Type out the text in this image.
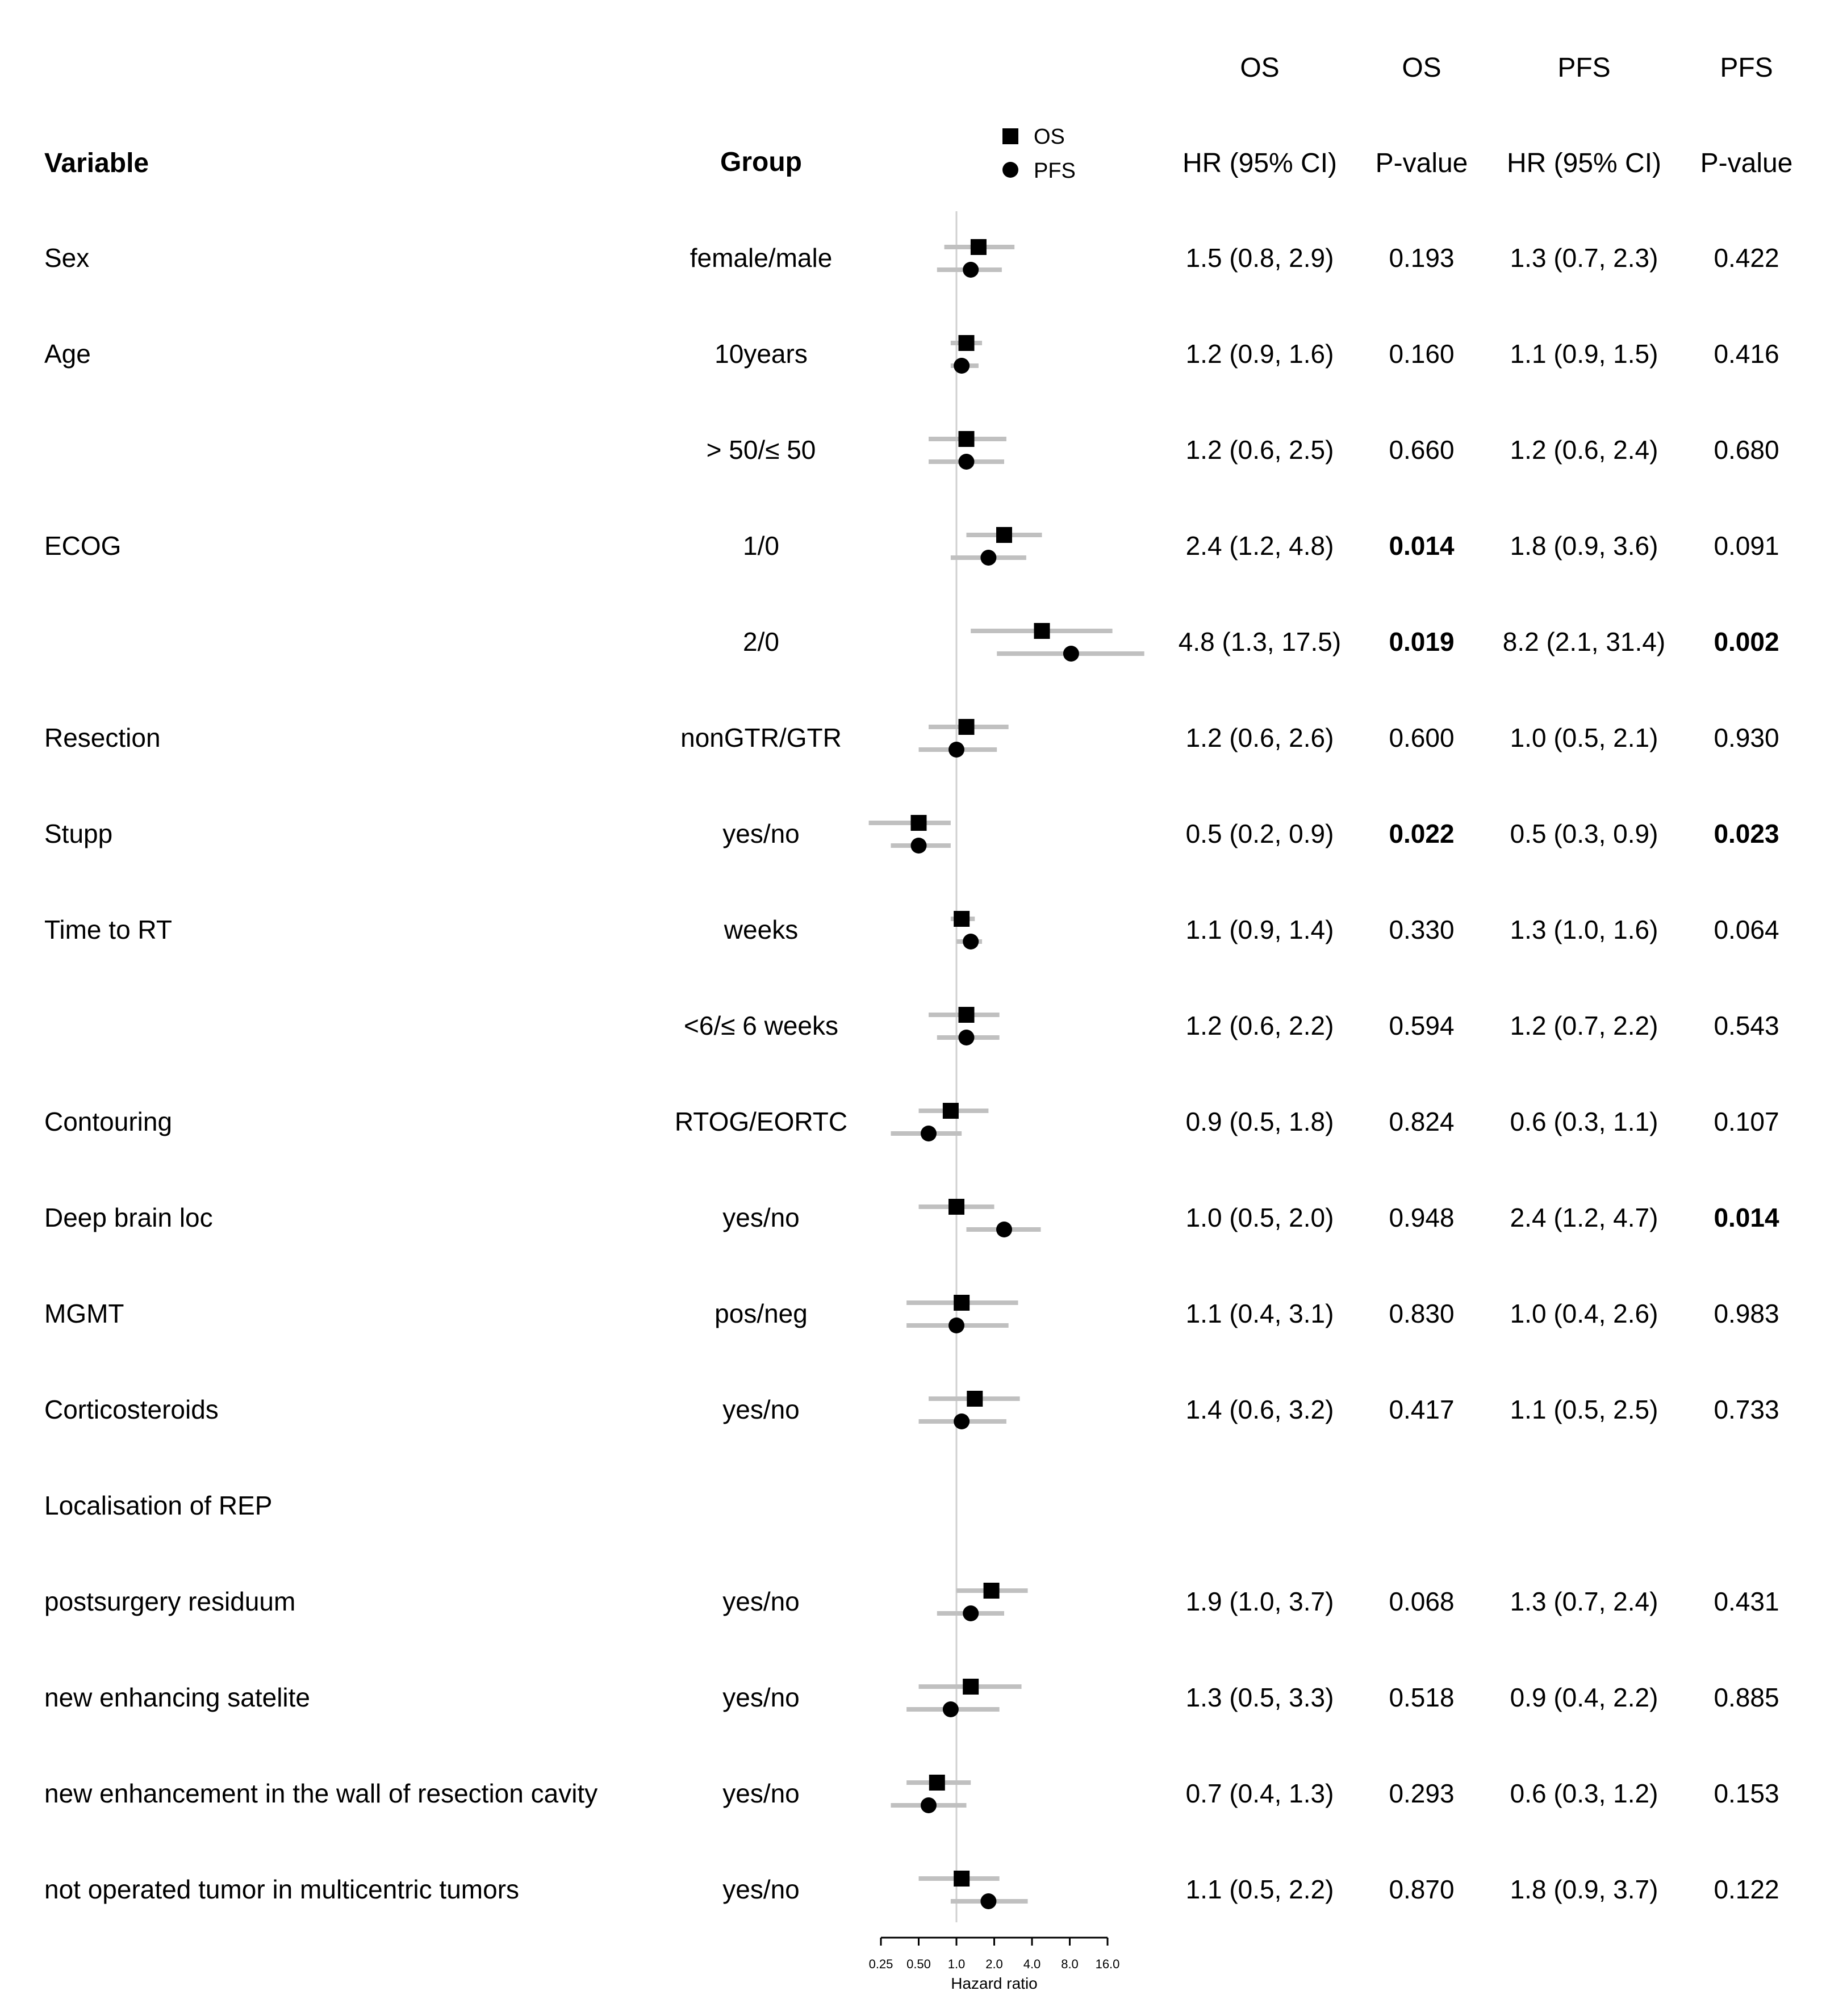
OS	OS	PFS	PFS
Variable	Group	HR (95% CI) P-value HR (95% CI) P-value
OS
PFS
0.25 0.50 1.0 2.0 4.0 8.0 16.0
Hazard ratio
Sex	female/male	1.5 (0.8, 2.9) 0.193 1.3 (0.7, 2.3) 0.422
Age	10years	1.2 (0.9, 1.6) 0.160 1.1 (0.9, 1.5) 0.416
> 50/≤ 50	1.2 (0.6, 2.5) 0.660 1.2 (0.6, 2.4) 0.680
ECOG	1/0	2.4 (1.2, 4.8) 0.014 1.8 (0.9, 3.6) 0.091
2/0	4.8 (1.3, 17.5) 0.019 8.2 (2.1, 31.4) 0.002
Resection	nonGTR/GTR	1.2 (0.6, 2.6) 0.600 1.0 (0.5, 2.1) 0.930
Stupp	yes/no	0.5 (0.2, 0.9) 0.022 0.5 (0.3, 0.9) 0.023
Time to RT	weeks	1.1 (0.9, 1.4) 0.330 1.3 (1.0, 1.6) 0.064
<6/≤ 6 weeks	1.2 (0.6, 2.2) 0.594 1.2 (0.7, 2.2) 0.543
Contouring	RTOG/EORTC	0.9 (0.5, 1.8) 0.824 0.6 (0.3, 1.1) 0.107
Deep brain loc	yes/no	1.0 (0.5, 2.0) 0.948 2.4 (1.2, 4.7) 0.014
MGMT	pos/neg	1.1 (0.4, 3.1) 0.830 1.0 (0.4, 2.6) 0.983
Corticosteroids	yes/no	1.4 (0.6, 3.2) 0.417 1.1 (0.5, 2.5) 0.733
Localisation of REP
postsurgery residuum	yes/no	1.9 (1.0, 3.7) 0.068 1.3 (0.7, 2.4) 0.431
new enhancing satelite	yes/no	1.3 (0.5, 3.3) 0.518 0.9 (0.4, 2.2) 0.885
new enhancement in the wall of resection cavity	yes/no	0.7 (0.4, 1.3) 0.293 0.6 (0.3, 1.2) 0.153
not operated tumor in multicentric tumors	yes/no	1.1 (0.5, 2.2) 0.870 1.8 (0.9, 3.7) 0.122
